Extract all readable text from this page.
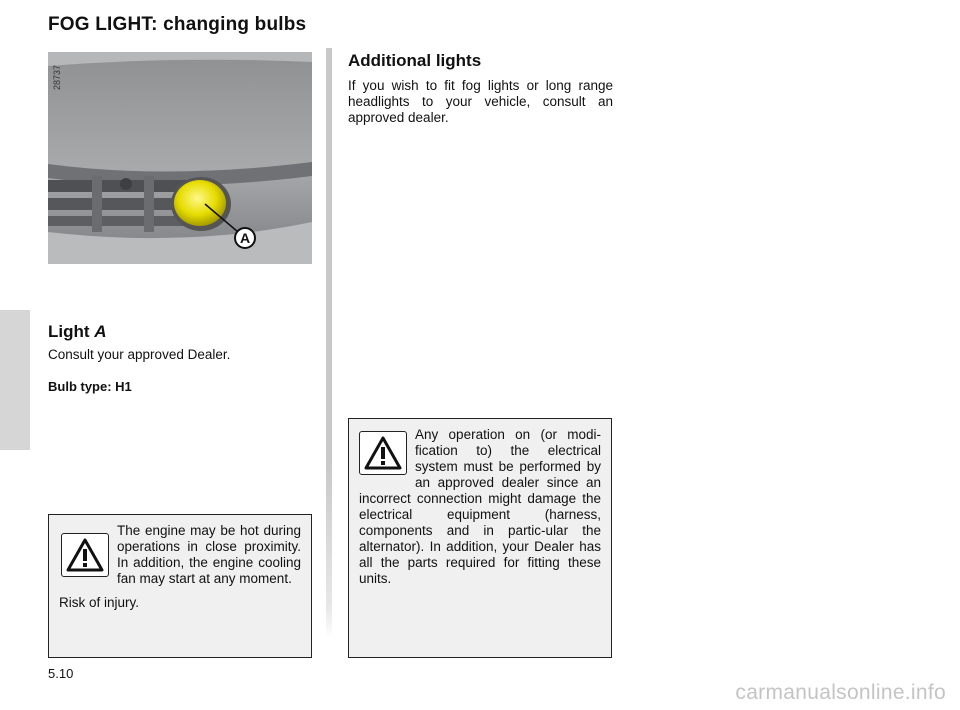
FOG LIGHT: changing bulbs
A
28737
Light A
Consult your approved Dealer.
Bulb type: H1
Additional lights
If you wish to fit fog lights or long range headlights to your vehicle, consult an approved dealer.

The engine may be hot during operations in close proximity. In addition, the engine cooling fan may start at any moment.

Risk of injury.

Any operation on (or modi-fication to) the electrical system must be performed by an approved dealer since an incorrect connection might damage the electrical equipment (harness, components and in partic-ular the alternator). In addition, your Dealer has all the parts required for fitting these units.

5.10
carmanualsonline.info
